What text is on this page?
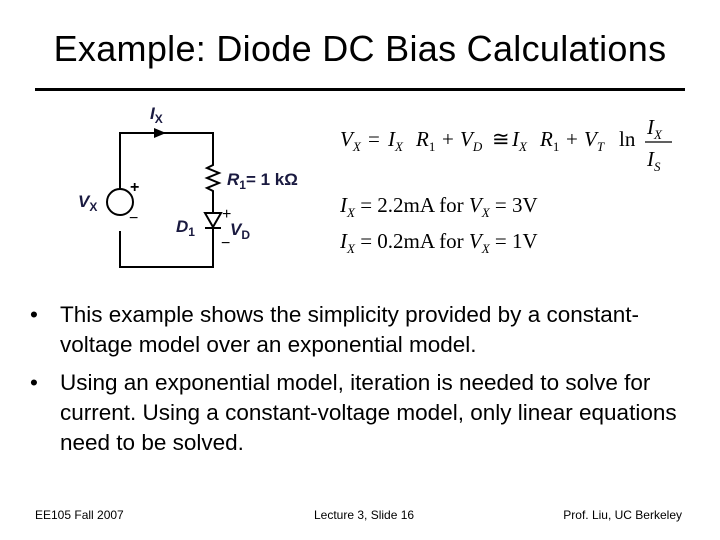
Example: Diode DC Bias Calculations
$I_X$
$V_X$
$R_1= 1$ kΩ
$D_1$ $V_D$
+
−	+
−
$V_X = I_X$ $R_1 + V_D$ ≅ $I_X$ $R_1 + V_T$ $\ln I_X$
$I_S$
$I_X = 2.2mA$ for $V_X = 3V$
$I_X = 0.2mA$ for $V_X = 1V$
• This example shows the simplicity provided by a constant-voltage model over an exponential model.
• Using an exponential model, iteration is needed to solve for current. Using a constant-voltage model, only linear equations need to be solved.
EE105 Fall 2007	Lecture 3, Slide 16	Prof. Liu, UC Berkeley
